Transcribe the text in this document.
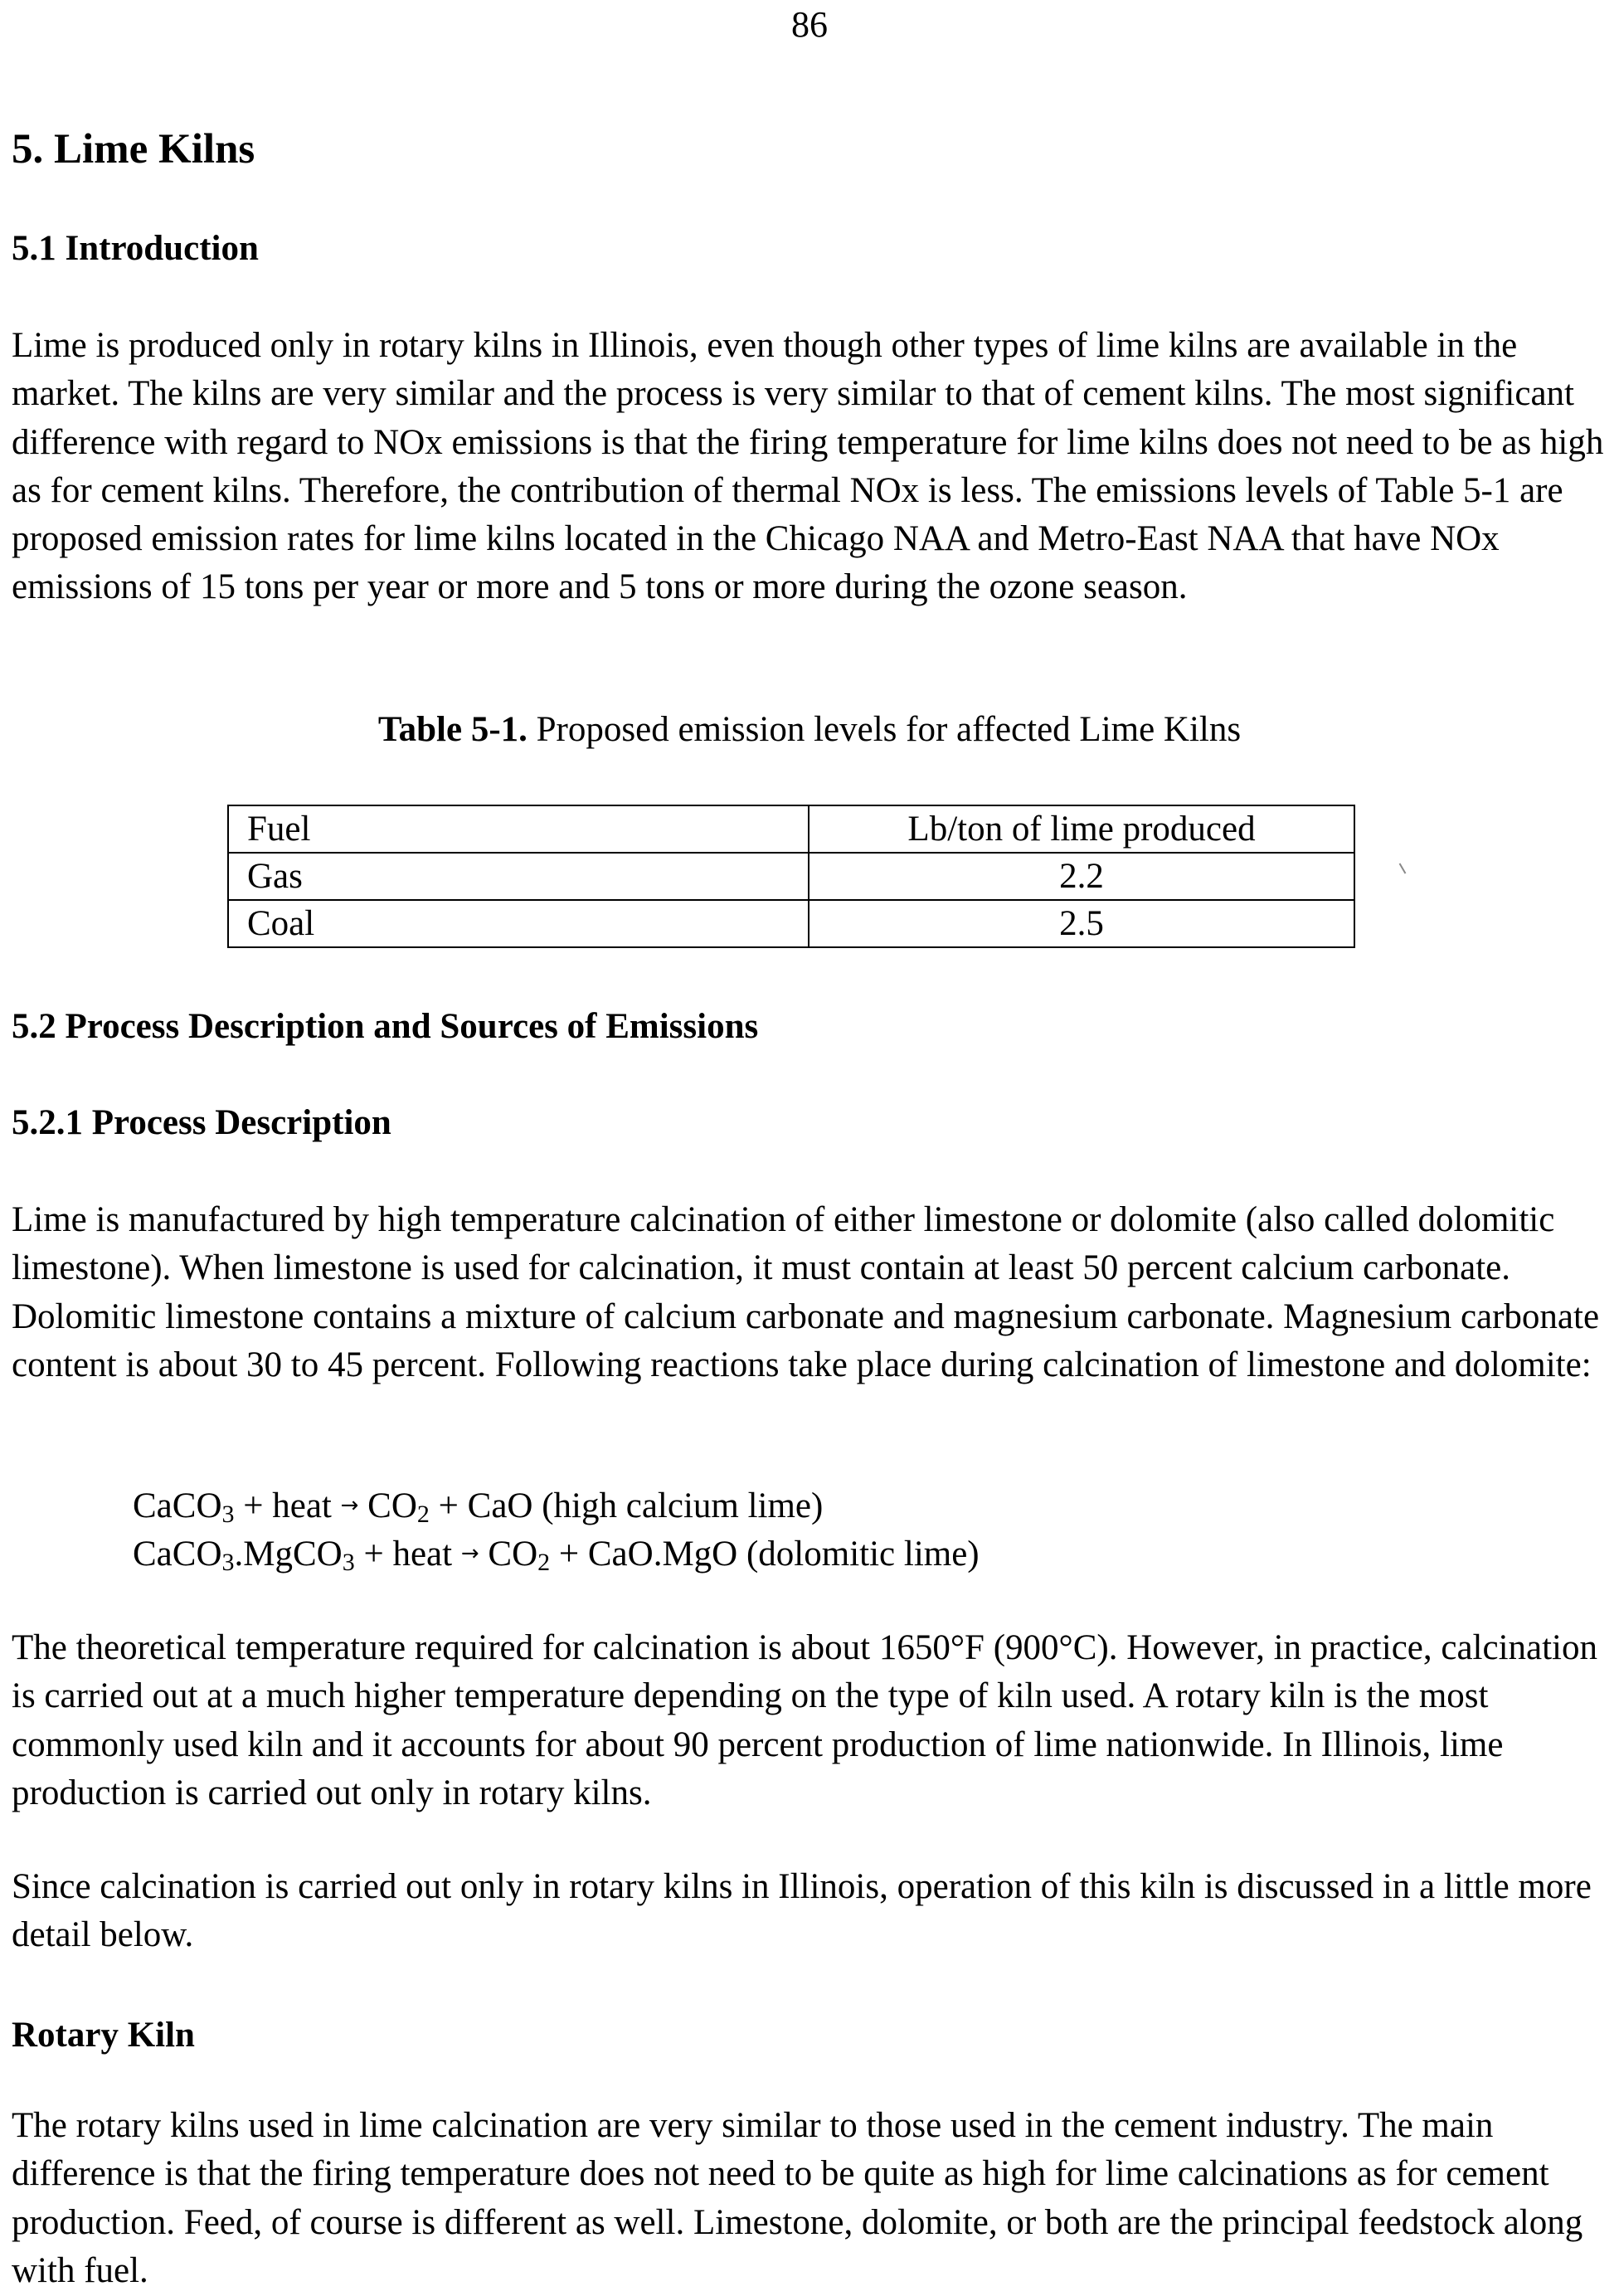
86
5. Lime Kilns
5.1 Introduction

Lime is produced only in rotary kilns in Illinois, even though other types of lime kilns are available in the market. The kilns are very similar and the process is very similar to that of cement kilns. The most significant difference with regard to NOx emissions is that the firing temperature for lime kilns does not need to be as high as for cement kilns. Therefore, the contribution of thermal NOx is less. The emissions levels of Table 5-1 are proposed emission rates for lime kilns located in the Chicago NAA and Metro-East NAA that have NOx emissions of 15 tons per year or more and 5 tons or more during the ozone season.

Table 5-1. Proposed emission levels for affected Lime Kilns
Fuel	Lb/ton of lime produced
Gas	2.2
Coal	2.5
5.2 Process Description and Sources of Emissions
5.2.1 Process Description

Lime is manufactured by high temperature calcination of either limestone or dolomite (also called dolomitic limestone). When limestone is used for calcination, it must contain at least 50 percent calcium carbonate. Dolomitic limestone contains a mixture of calcium carbonate and magnesium carbonate. Magnesium carbonate content is about 30 to 45 percent. Following reactions take place during calcination of limestone and dolomite:

CaCO$_3$ + heat → $CO_2$ + CaO (high calcium lime)
CaCO$_3$.MgCO$_3$ + heat → $CO_2 + CaO.MgO$ (dolomitic lime)

The theoretical temperature required for calcination is about 1650°F (900°C). However, in practice, calcination is carried out at a much higher temperature depending on the type of kiln used. A rotary kiln is the most commonly used kiln and it accounts for about 90 percent production of lime nationwide. In Illinois, lime production is carried out only in rotary kilns.

Since calcination is carried out only in rotary kilns in Illinois, operation of this kiln is discussed in a little more detail below.

Rotary Kiln

The rotary kilns used in lime calcination are very similar to those used in the cement industry. The main difference is that the firing temperature does not need to be quite as high for lime calcinations as for cement production. Feed, of course is different as well. Limestone, dolomite, or both are the principal feedstock along with fuel.
